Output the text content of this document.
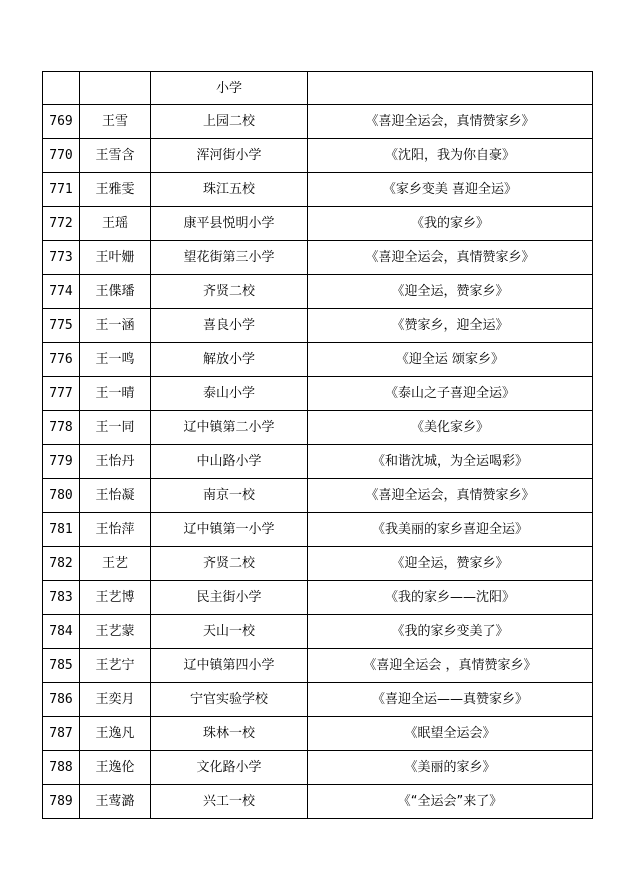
		小学	
769	王雪	上园二校	《喜迎全运会，真情赞家乡》
770	王雪含	浑河街小学	《沈阳，我为你自豪》
771	王雅雯	珠江五校	《家乡变美 喜迎全运》
772	王瑶	康平县悦明小学	《我的家乡》
773	王叶姗	望花街第三小学	《喜迎全运会，真情赞家乡》
774	王偞璠	齐贤二校	《迎全运，赞家乡》
775	王一涵	喜良小学	《赞家乡，迎全运》
776	王一鸣	解放小学	《迎全运 颂家乡》
777	王一晴	泰山小学	《泰山之子喜迎全运》
778	王一同	辽中镇第二小学	《美化家乡》
779	王怡丹	中山路小学	《和谐沈城，为全运喝彩》
780	王怡凝	南京一校	《喜迎全运会，真情赞家乡》
781	王怡萍	辽中镇第一小学	《我美丽的家乡喜迎全运》
782	王艺	齐贤二校	《迎全运，赞家乡》
783	王艺博	民主街小学	《我的家乡——沈阳》
784	王艺蒙	天山一校	《我的家乡变美了》
785	王艺宁	辽中镇第四小学	《喜迎全运会 ，真情赞家乡》
786	王奕月	宁官实验学校	《喜迎全运——真赞家乡》
787	王逸凡	珠林一校	《眠望全运会》
788	王逸伦	文化路小学	《美丽的家乡》
789	王莺潞	兴工一校	《“全运会”来了》
